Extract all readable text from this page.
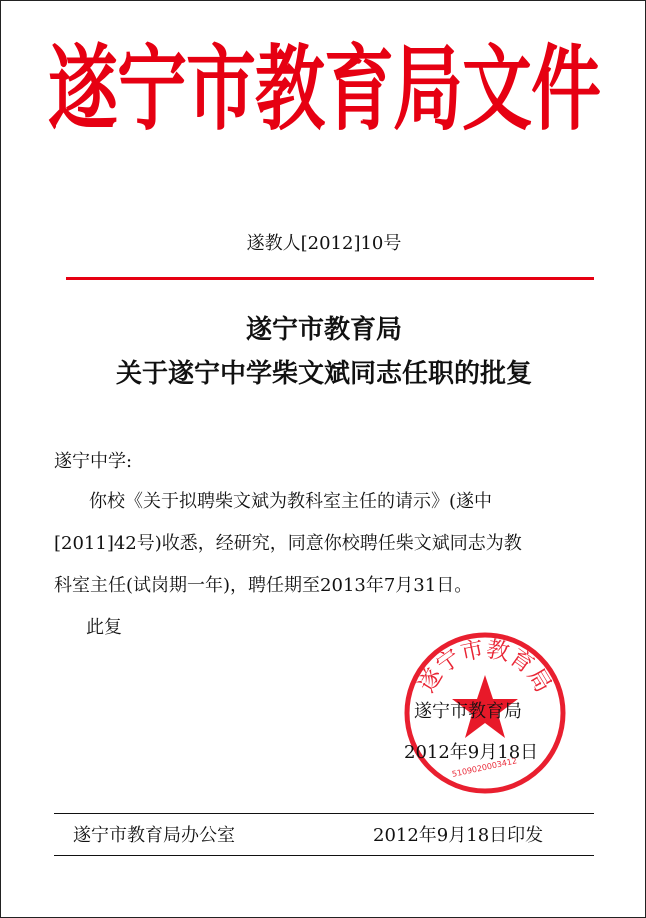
遂宁市教育局文件
遂教人[2012]10号
遂宁市教育局
关于遂宁中学柴文斌同志任职的批复
遂宁中学:
你校《关于拟聘柴文斌为教科室主任的请示》(遂中
[2011]42号)收悉，经研究，同意你校聘任柴文斌同志为教
科室主任(试岗期一年)，聘任期至2013年7月31日。
此复
遂宁市教育局
5109020003412
遂宁市教育局
2012年9月18日
遂宁市教育局办公室	2012年9月18日印发
